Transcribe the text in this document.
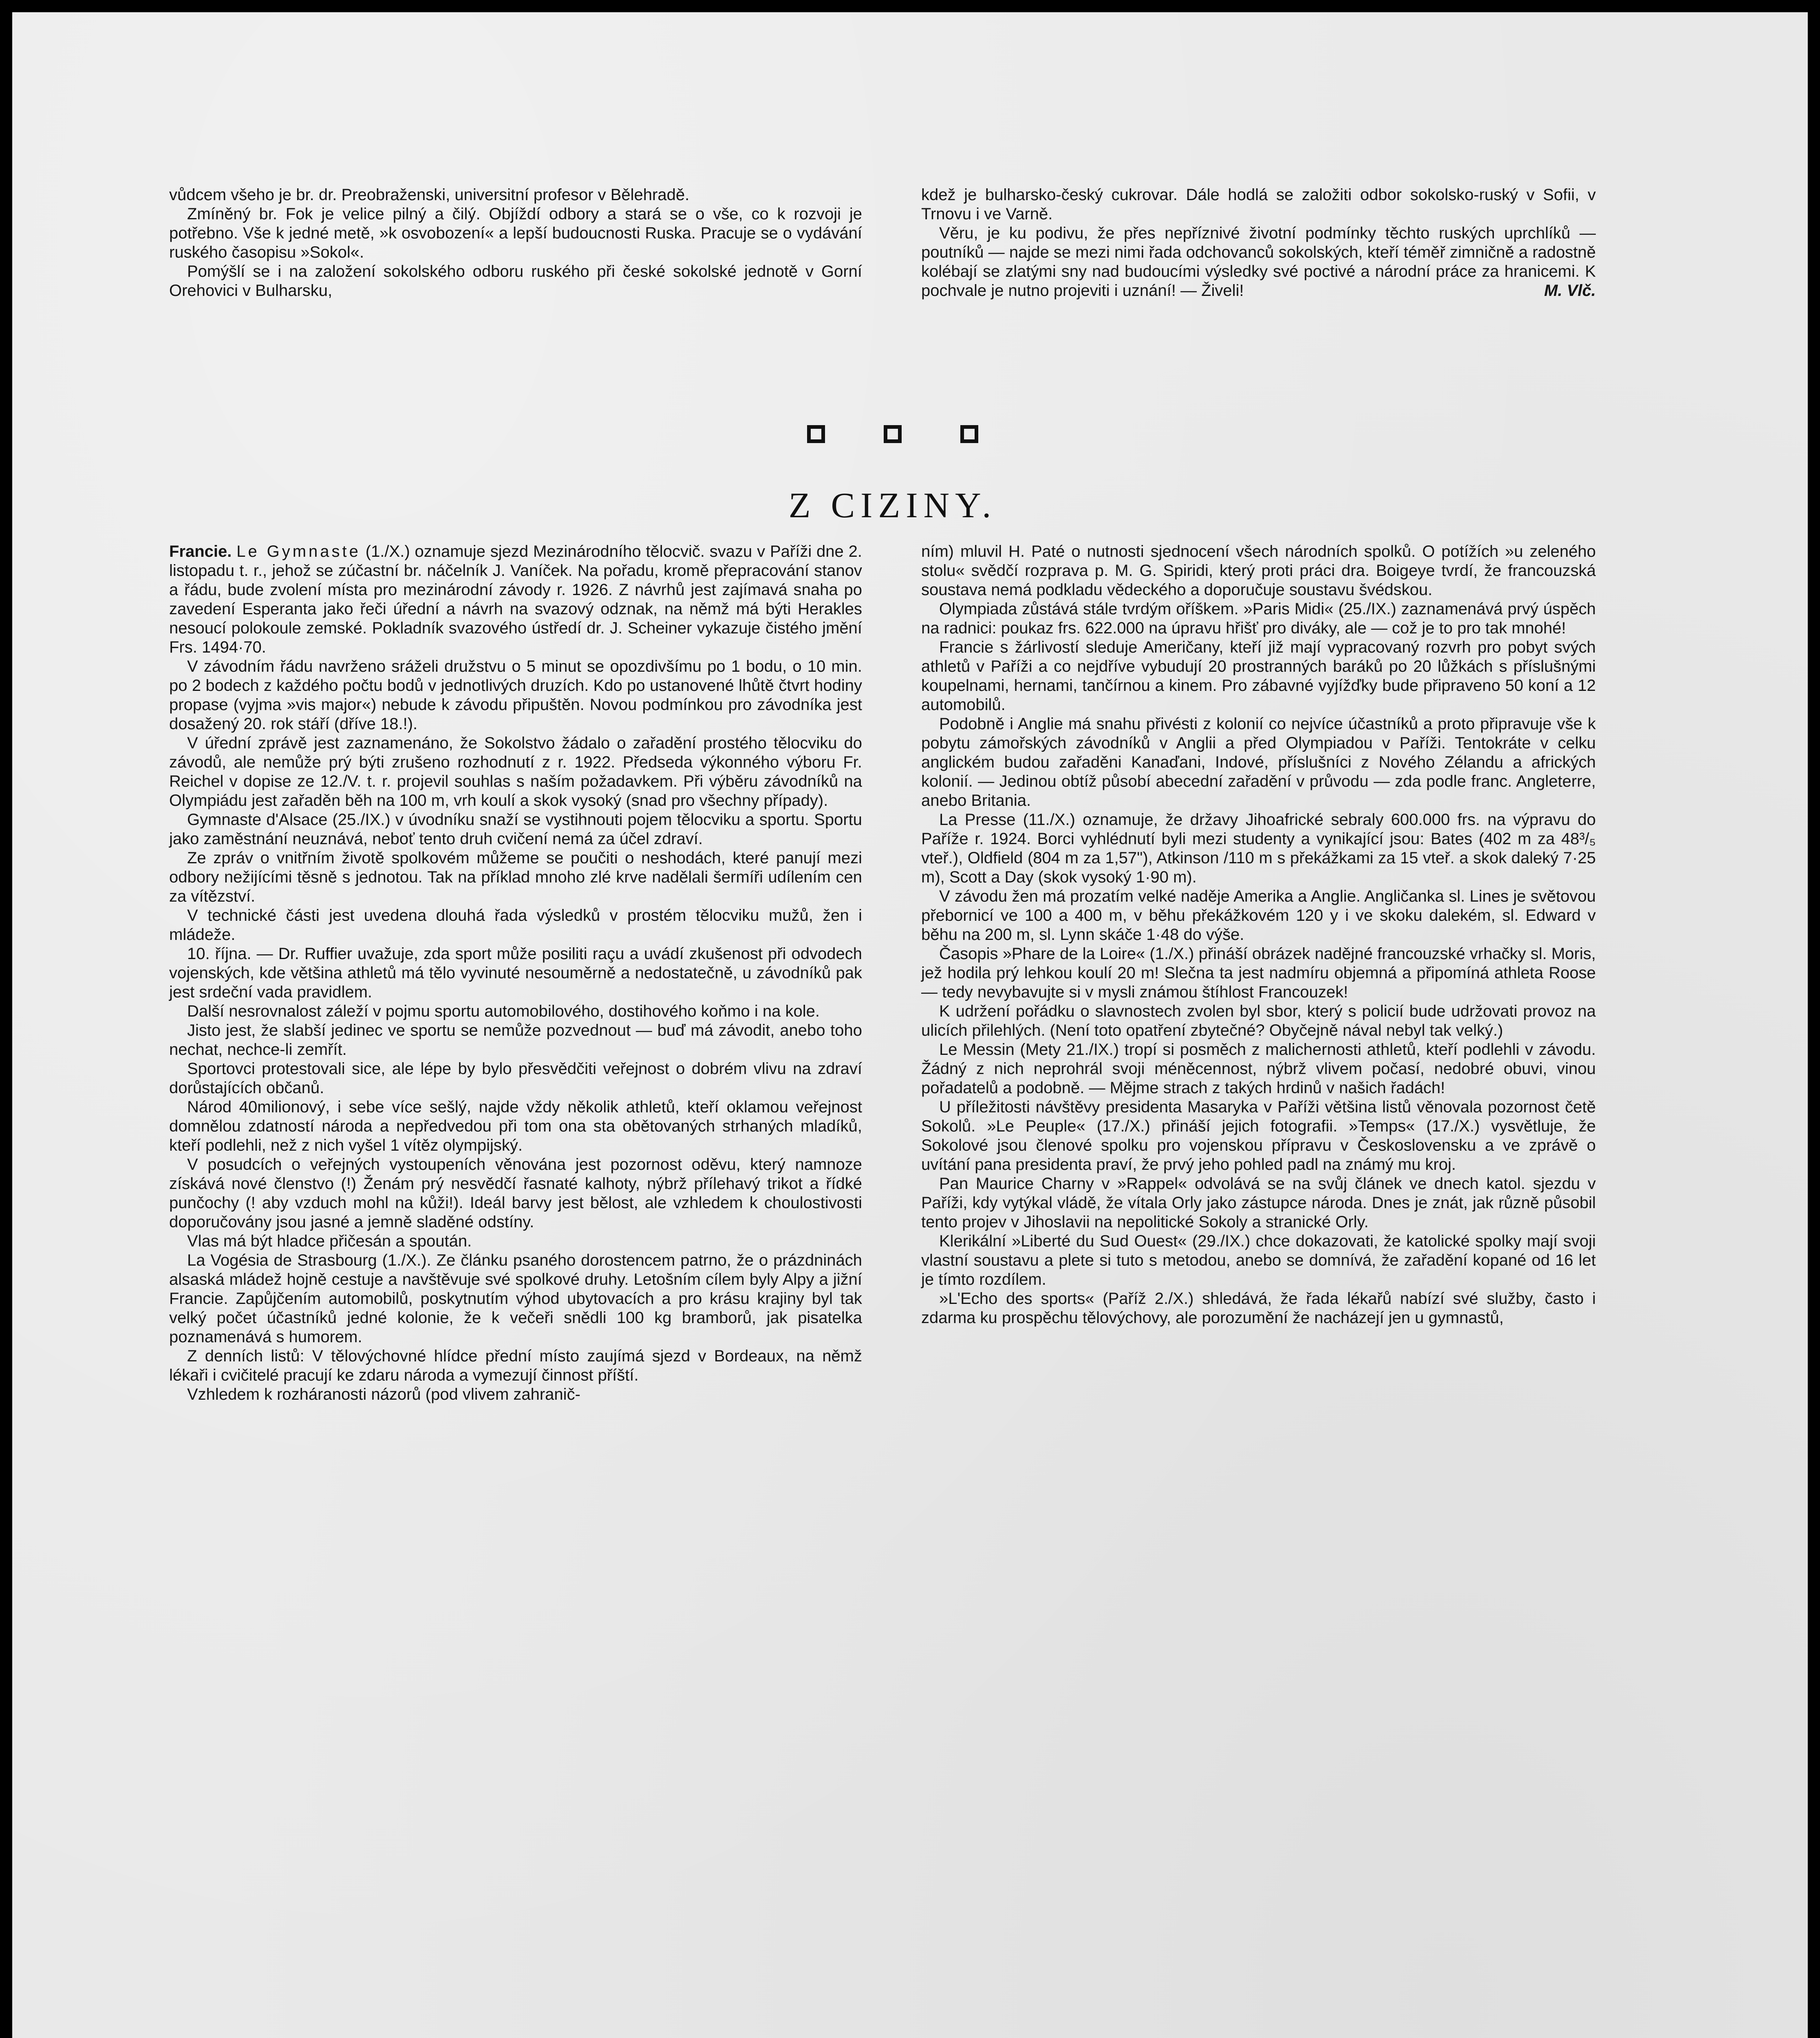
vůdcem všeho je br. dr. Preobraženski, universitní profesor v Bělehradě.

Zmíněný br. Fok je velice pilný a čilý. Objíždí odbory a stará se o vše, co k rozvoji je potřebno. Vše k jedné metě, »k osvobození« a lepší budoucnosti Ruska. Pracuje se o vydávání ruského časopisu »Sokol«.

Pomýšlí se i na založení sokolského odboru ruského při české sokolské jednotě v Gorní Orehovici v Bulharsku,

kdež je bulharsko-český cukrovar. Dále hodlá se založiti odbor sokolsko-ruský v Sofii, v Trnovu i ve Varně.

Věru, je ku podivu, že přes nepříznivé životní podmínky těchto ruských uprchlíků — poutníků — najde se mezi nimi řada odchovanců sokolských, kteří téměř zimničně a radostně kolébají se zlatými sny nad budoucími výsledky své poctivé a národní práce za hranicemi. K pochvale je nutno projeviti i uznání! — Živeli!	M. Vlč.

Z CIZINY.

Francie. Le Gymnaste (1./X.) oznamuje sjezd Mezinárodního tělocvič. svazu v Paříži dne 2. listopadu t. r., jehož se zúčastní br. náčelník J. Vaníček. Na pořadu, kromě přepracování stanov a řádu, bude zvolení místa pro mezinárodní závody r. 1926. Z návrhů jest zajímavá snaha po zavedení Esperanta jako řeči úřední a návrh na svazový odznak, na němž má býti Herakles nesoucí polokoule zemské. Pokladník svazového ústředí dr. J. Scheiner vykazuje čistého jmění Frs. 1494·70.

V závodním řádu navrženo sráželi družstvu o 5 minut se opozdivšímu po 1 bodu, o 10 min. po 2 bodech z každého počtu bodů v jednotlivých druzích. Kdo po ustanovené lhůtě čtvrt hodiny propase (vyjma »vis major«) nebude k závodu připuštěn. Novou podmínkou pro závodníka jest dosažený 20. rok stáří (dříve 18.!).

V úřední zprávě jest zaznamenáno, že Sokolstvo žádalo o zařadění prostého tělocviku do závodů, ale nemůže prý býti zrušeno rozhodnutí z r. 1922. Předseda výkonného výboru Fr. Reichel v dopise ze 12./V. t. r. projevil souhlas s naším požadavkem. Při výběru závodníků na Olympiádu jest zařaděn běh na 100 m, vrh koulí a skok vysoký (snad pro všechny případy).

Gymnaste d'Alsace (25./IX.) v úvodníku snaží se vystihnouti pojem tělocviku a sportu. Sportu jako zaměstnání neuznává, neboť tento druh cvičení nemá za účel zdraví.

Ze zpráv o vnitřním životě spolkovém můžeme se poučiti o neshodách, které panují mezi odbory nežijícími těsně s jednotou. Tak na příklad mnoho zlé krve nadělali šermíři udílením cen za vítězství.

V technické části jest uvedena dlouhá řada výsledků v prostém tělocviku mužů, žen i mládeže.

10. října. — Dr. Ruffier uvažuje, zda sport může posiliti raçu a uvádí zkušenost při odvodech vojenských, kde většina athletů má tělo vyvinuté nesouměrně a nedostatečně, u závodníků pak jest srdeční vada pravidlem.

Další nesrovnalost záleží v pojmu sportu automobilového, dostihového koňmo i na kole.

Jisto jest, že slabší jedinec ve sportu se nemůže pozvednout — buď má závodit, anebo toho nechat, nechce-li zemřít.

Sportovci protestovali sice, ale lépe by bylo přesvědčiti veřejnost o dobrém vlivu na zdraví dorůstajících občanů.

Národ 40milionový, i sebe více sešlý, najde vždy několik athletů, kteří oklamou veřejnost domnělou zdatností národa a nepředvedou při tom ona sta obětovaných strhaných mladíků, kteří podlehli, než z nich vyšel 1 vítěz olympijský.

V posudcích o veřejných vystoupeních věnována jest pozornost oděvu, který namnoze získává nové členstvo (!) Ženám prý nesvědčí řasnaté kalhoty, nýbrž přílehavý trikot a řídké punčochy (! aby vzduch mohl na kůži!). Ideál barvy jest bělost, ale vzhledem k choulostivosti doporučovány jsou jasné a jemně sladěné odstíny.

Vlas má být hladce přičesán a spoután.

La Vogésia de Strasbourg (1./X.). Ze článku psaného dorostencem patrno, že o prázdninách alsaská mládež hojně cestuje a navštěvuje své spolkové druhy. Letošním cílem byly Alpy a jižní Francie. Zapůjčením automobilů, poskytnutím výhod ubytovacích a pro krásu krajiny byl tak velký počet účastníků jedné kolonie, že k večeři snědli 100 kg bramborů, jak pisatelka poznamenává s humorem.

Z denních listů: V tělovýchovné hlídce přední místo zaujímá sjezd v Bordeaux, na němž lékaři i cvičitelé pracují ke zdaru národa a vymezují činnost příští.

Vzhledem k rozháranosti názorů (pod vlivem zahranič-

ním) mluvil H. Paté o nutnosti sjednocení všech národních spolků. O potížích »u zeleného stolu« svědčí rozprava p. M. G. Spiridi, který proti práci dra. Boigeye tvrdí, že francouzská soustava nemá podkladu vědeckého a doporučuje soustavu švédskou.

Olympiada zůstává stále tvrdým oříškem. »Paris Midi« (25./IX.) zaznamenává prvý úspěch na radnici: poukaz frs. 622.000 na úpravu hřišť pro diváky, ale — což je to pro tak mnohé!

Francie s žárlivostí sleduje Američany, kteří již mají vypracovaný rozvrh pro pobyt svých athletů v Paříži a co nejdříve vybudují 20 prostranných baráků po 20 lůžkách s příslušnými koupelnami, hernami, tančírnou a kinem. Pro zábavné vyjížďky bude připraveno 50 koní a 12 automobilů.

Podobně i Anglie má snahu přivésti z kolonií co nejvíce účastníků a proto připravuje vše k pobytu zámořských závodníků v Anglii a před Olympiadou v Paříži. Tentokráte v celku anglickém budou zařaděni Kanaďani, Indové, příslušníci z Nového Zélandu a afrických kolonií. — Jedinou obtíž působí abecední zařadění v průvodu — zda podle franc. Angleterre, anebo Britania.

La Presse (11./X.) oznamuje, že državy Jihoafrické sebraly 600.000 frs. na výpravu do Paříže r. 1924. Borci vyhlédnutí byli mezi studenty a vynikající jsou: Bates (402 m za 48³/₅ vteř.), Oldfield (804 m za 1,57"), Atkinson /110 m s překážkami za 15 vteř. a skok daleký 7·25 m), Scott a Day (skok vysoký 1·90 m).

V závodu žen má prozatím velké naděje Amerika a Anglie. Angličanka sl. Lines je světovou přebornicí ve 100 a 400 m, v běhu překážkovém 120 y i ve skoku dalekém, sl. Edward v běhu na 200 m, sl. Lynn skáče 1·48 do výše.

Časopis »Phare de la Loire« (1./X.) přináší obrázek nadějné francouzské vrhačky sl. Moris, jež hodila prý lehkou koulí 20 m! Slečna ta jest nadmíru objemná a připomíná athleta Roose — tedy nevybavujte si v mysli známou štíhlost Francouzek!

K udržení pořádku o slavnostech zvolen byl sbor, který s policií bude udržovati provoz na ulicích přilehlých. (Není toto opatření zbytečné? Obyčejně nával nebyl tak velký.)

Le Messin (Mety 21./IX.) tropí si posměch z malichernosti athletů, kteří podlehli v závodu. Žádný z nich neprohrál svoji méněcennost, nýbrž vlivem počasí, nedobré obuvi, vinou pořadatelů a podobně. — Mějme strach z takých hrdinů v našich řadách!

U příležitosti návštěvy presidenta Masaryka v Paříži většina listů věnovala pozornost četě Sokolů. »Le Peuple« (17./X.) přináší jejich fotografii. »Temps« (17./X.) vysvětluje, že Sokolové jsou členové spolku pro vojenskou přípravu v Československu a ve zprávě o uvítání pana presidenta praví, že prvý jeho pohled padl na známý mu kroj.

Pan Maurice Charny v »Rappel« odvolává se na svůj článek ve dnech katol. sjezdu v Paříži, kdy vytýkal vládě, že vítala Orly jako zástupce národa. Dnes je znát, jak různě působil tento projev v Jihoslavii na nepolitické Sokoly a stranické Orly.

Klerikální »Liberté du Sud Ouest« (29./IX.) chce dokazovati, že katolické spolky mají svoji vlastní soustavu a plete si tuto s metodou, anebo se domnívá, že zařadění kopané od 16 let je tímto rozdílem.

»L'Echo des sports« (Paříž 2./X.) shledává, že řada lékařů nabízí své služby, často i zdarma ku prospěchu tělovýchovy, ale porozumění že nacházejí jen u gymnastů,
